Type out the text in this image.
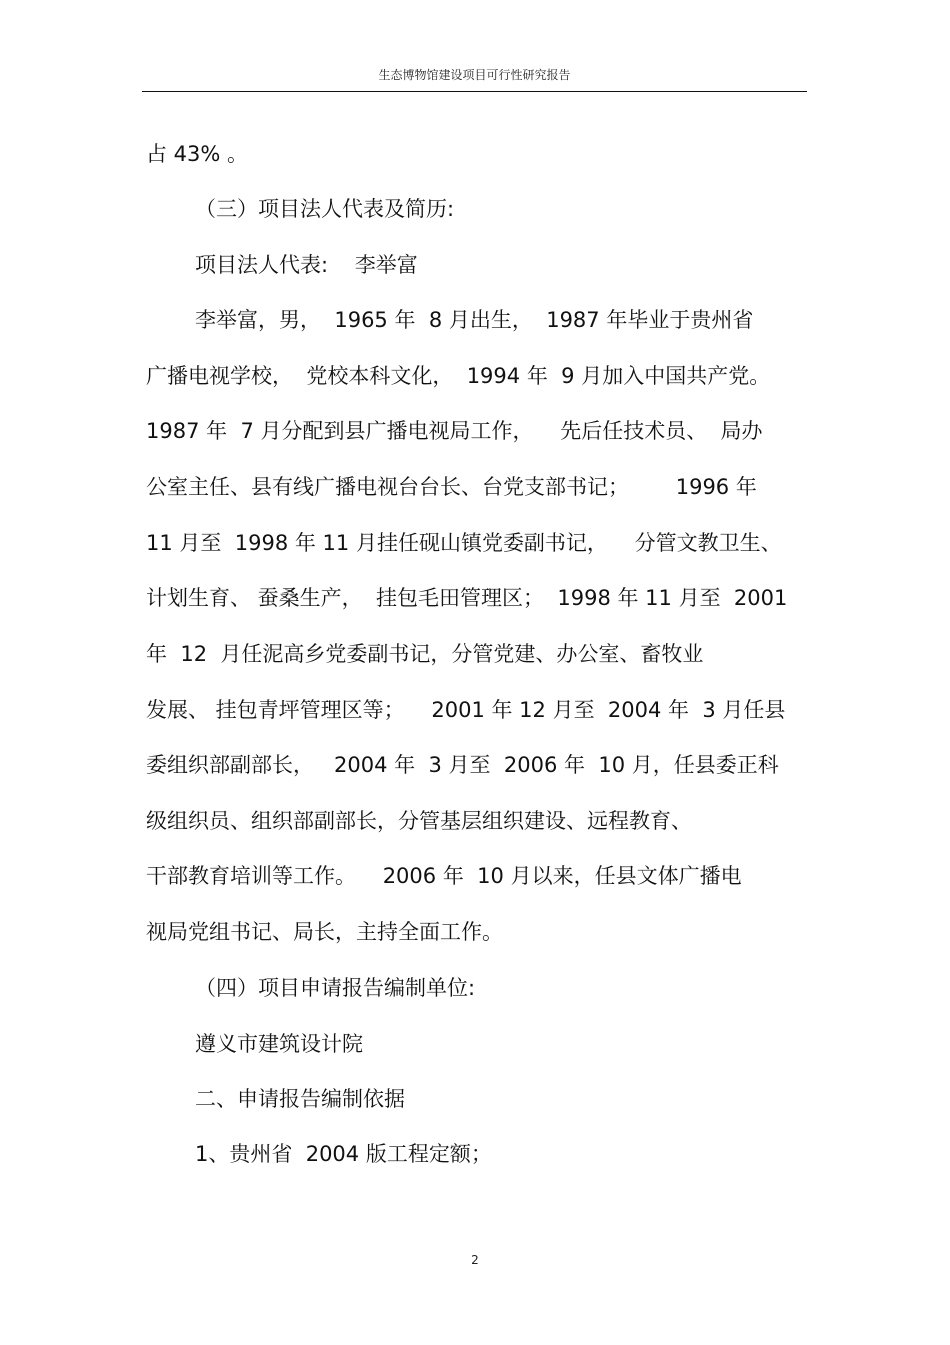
生态博物馆建设项目可行性研究报告
占 43% 。
（三）项目法人代表及简历:
项目法人代表:    李举富
李举富，男，  1965 年  8 月出生，  1987 年毕业于贵州省
广播电视学校，  党校本科文化，  1994 年  9 月加入中国共产党。
1987 年  7 月分配到县广播电视局工作，    先后任技术员、  局办
公室主任、县有线广播电视台台长、台党支部书记；       1996 年
11 月至  1998 年 11 月挂任砚山镇党委副书记，    分管文教卫生、
计划生育、 蚕桑生产，  挂包毛田管理区；  1998 年 11 月至  2001
年  12  月任泥高乡党委副书记，分管党建、办公室、畜牧业
发展、 挂包青坪管理区等；    2001 年 12 月至  2004 年  3 月任县
委组织部副部长，   2004 年  3 月至  2006 年  10 月，任县委正科
级组织员、组织部副部长，分管基层组织建设、远程教育、
干部教育培训等工作。    2006 年  10 月以来，任县文体广播电
视局党组书记、局长，主持全面工作。
（四）项目申请报告编制单位:
遵义市建筑设计院
二、申请报告编制依据
1、贵州省  2004 版工程定额；
2
